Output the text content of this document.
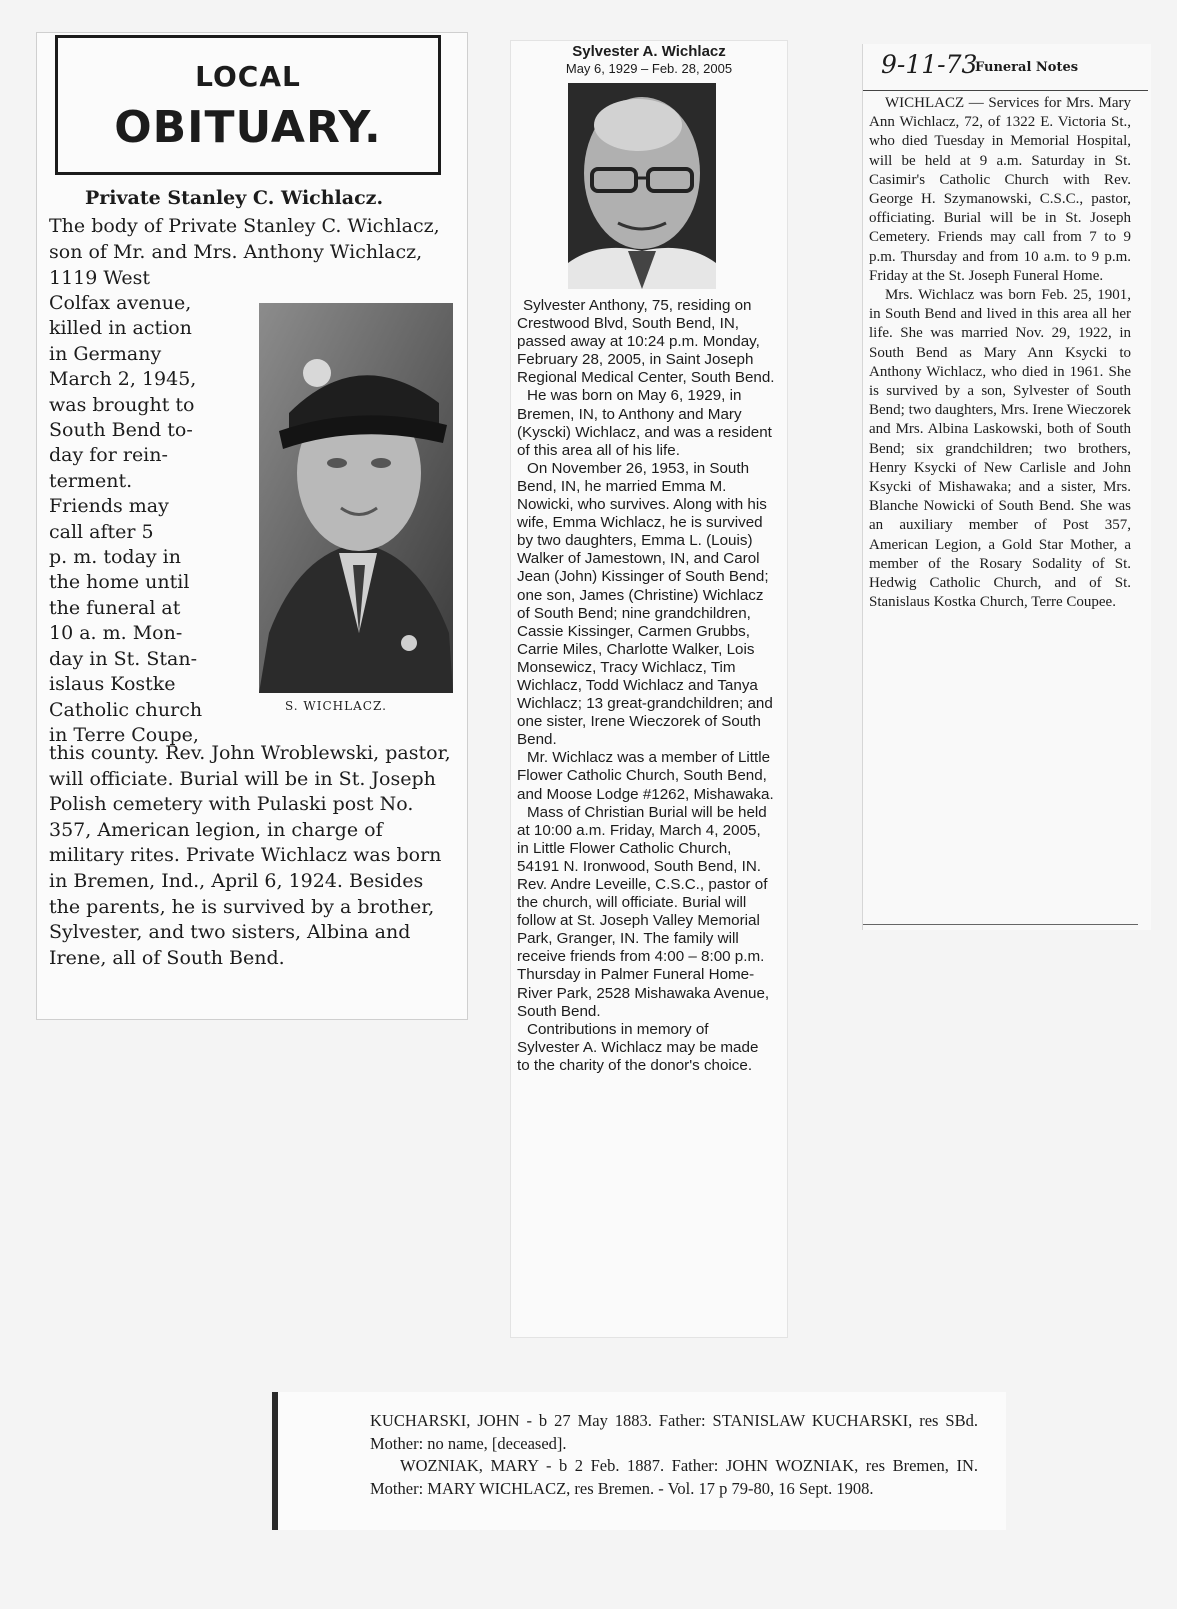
LOCAL
OBITUARY.
Private Stanley C. Wichlacz.
The body of Private Stanley C. Wichlacz, son of Mr. and Mrs. Anthony Wichlacz, 1119 West
Colfax avenue,
killed in action
in Germany
March 2, 1945,
was brought to
South Bend to-
day for rein-
terment.
Friends may
call after 5
p. m. today in
the home until
the funeral at
10 a. m. Mon-
day in St. Stan-
islaus Kostke
Catholic church
in Terre Coupe,
S. WICHLACZ.
this county. Rev. John Wroblewski, pastor, will officiate. Burial will be in St. Joseph Polish cemetery with Pulaski post No. 357, American legion, in charge of military rites. Private Wichlacz was born in Bremen, Ind., April 6, 1924. Besides the parents, he is survived by a brother, Sylvester, and two sisters, Albina and Irene, all of South Bend.
Sylvester A. Wichlacz
May 6, 1929 – Feb. 28, 2005

Sylvester Anthony, 75, residing on Crestwood Blvd, South Bend, IN, passed away at 10:24 p.m. Monday, February 28, 2005, in Saint Joseph Regional Medical Center, South Bend.

He was born on May 6, 1929, in Bremen, IN, to Anthony and Mary (Kyscki) Wichlacz, and was a resident of this area all of his life.

On November 26, 1953, in South Bend, IN, he married Emma M. Nowicki, who survives. Along with his wife, Emma Wichlacz, he is survived by two daughters, Emma L. (Louis) Walker of Jamestown, IN, and Carol Jean (John) Kissinger of South Bend; one son, James (Christine) Wichlacz of South Bend; nine grandchildren, Cassie Kissinger, Carmen Grubbs, Carrie Miles, Charlotte Walker, Lois Monsewicz, Tracy Wichlacz, Tim Wichlacz, Todd Wichlacz and Tanya Wichlacz; 13 great-grandchildren; and one sister, Irene Wieczorek of South Bend.

Mr. Wichlacz was a member of Little Flower Catholic Church, South Bend, and Moose Lodge #1262, Mishawaka.

Mass of Christian Burial will be held at 10:00 a.m. Friday, March 4, 2005, in Little Flower Catholic Church, 54191 N. Ironwood, South Bend, IN. Rev. Andre Leveille, C.S.C., pastor of the church, will officiate. Burial will follow at St. Joseph Valley Memorial Park, Granger, IN. The family will receive friends from 4:00 – 8:00 p.m. Thursday in Palmer Funeral Home-River Park, 2528 Mishawaka Avenue, South Bend.

Contributions in memory of Sylvester A. Wichlacz may be made to the charity of the donor's choice.

9-11-73
Funeral Notes

WICHLACZ — Services for Mrs. Mary Ann Wichlacz, 72, of 1322 E. Victoria St., who died Tuesday in Memorial Hospital, will be held at 9 a.m. Saturday in St. Casimir's Catholic Church with Rev. George H. Szymanowski, C.S.C., pastor, officiating. Burial will be in St. Joseph Cemetery. Friends may call from 7 to 9 p.m. Thursday and from 10 a.m. to 9 p.m. Friday at the St. Joseph Funeral Home.

Mrs. Wichlacz was born Feb. 25, 1901, in South Bend and lived in this area all her life. She was married Nov. 29, 1922, in South Bend as Mary Ann Ksycki to Anthony Wichlacz, who died in 1961. She is survived by a son, Sylvester of South Bend; two daughters, Mrs. Irene Wieczorek and Mrs. Albina Laskowski, both of South Bend; six grandchildren; two brothers, Henry Ksycki of New Carlisle and John Ksycki of Mishawaka; and a sister, Mrs. Blanche Nowicki of South Bend. She was an auxiliary member of Post 357, American Legion, a Gold Star Mother, a member of the Rosary Sodality of St. Hedwig Catholic Church, and of St. Stanislaus Kostka Church, Terre Coupee.

KUCHARSKI, JOHN - b 27 May 1883. Father: STANISLAW KUCHARSKI, res SBd. Mother: no name, [deceased].

WOZNIAK, MARY - b 2 Feb. 1887. Father: JOHN WOZNIAK, res Bremen, IN. Mother: MARY WICHLACZ, res Bremen. - Vol. 17 p 79-80, 16 Sept. 1908.
